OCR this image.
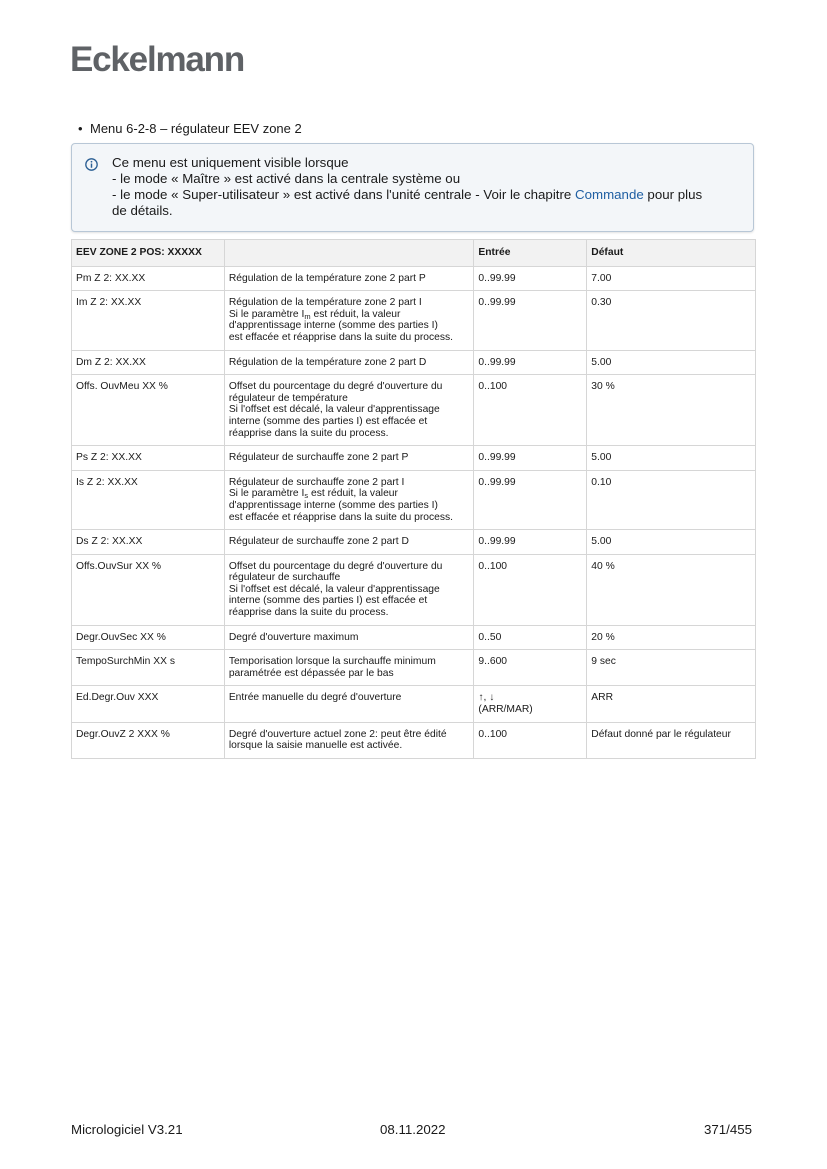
Eckelmann
• Menu 6-2-8 – régulateur EEV zone 2
Ce menu est uniquement visible lorsque
- le mode « Maître » est activé dans la centrale système ou
- le mode « Super-utilisateur » est activé dans l'unité centrale - Voir le chapitre Commande pour plus
de détails.
EEV ZONE 2 POS: XXXXX		Entrée	Défaut
Pm Z 2: XX.XX	Régulation de la température zone 2 part P	0..99.99	7.00
Im Z 2: XX.XX	Régulation de la température zone 2 part I
Si le paramètre $I_m$ est réduit, la valeur
d'apprentissage interne (somme des parties I)
est effacée et réapprise dans la suite du process.	0..99.99	0.30
Dm Z 2: XX.XX	Régulation de la température zone 2 part D	0..99.99	5.00
Offs. OuvMeu XX %	Offset du pourcentage du degré d'ouverture du
régulateur de température
Si l'offset est décalé, la valeur d'apprentissage
interne (somme des parties I) est effacée et
réapprise dans la suite du process.	0..100	30 %
Ps Z 2: XX.XX	Régulateur de surchauffe zone 2 part P	0..99.99	5.00
Is Z 2: XX.XX	Régulateur de surchauffe zone 2 part I
Si le paramètre $I_s$ est réduit, la valeur
d'apprentissage interne (somme des parties I)
est effacée et réapprise dans la suite du process.	0..99.99	0.10
Ds Z 2: XX.XX	Régulateur de surchauffe zone 2 part D	0..99.99	5.00
Offs.OuvSur XX %	Offset du pourcentage du degré d'ouverture du
régulateur de surchauffe
Si l'offset est décalé, la valeur d'apprentissage
interne (somme des parties I) est effacée et
réapprise dans la suite du process.	0..100	40 %
Degr.OuvSec XX %	Degré d'ouverture maximum	0..50	20 %
TempoSurchMin XX s	Temporisation lorsque la surchauffe minimum
paramétrée est dépassée par le bas	9..600	9 sec
Ed.Degr.Ouv XXX	Entrée manuelle du degré d'ouverture	↑, ↓
(ARR/MAR)	ARR
Degr.OuvZ 2 XXX %	Degré d'ouverture actuel zone 2: peut être édité
lorsque la saisie manuelle est activée.	0..100	Défaut donné par le régulateur
Micrologiciel V3.21	08.11.2022	371/455
